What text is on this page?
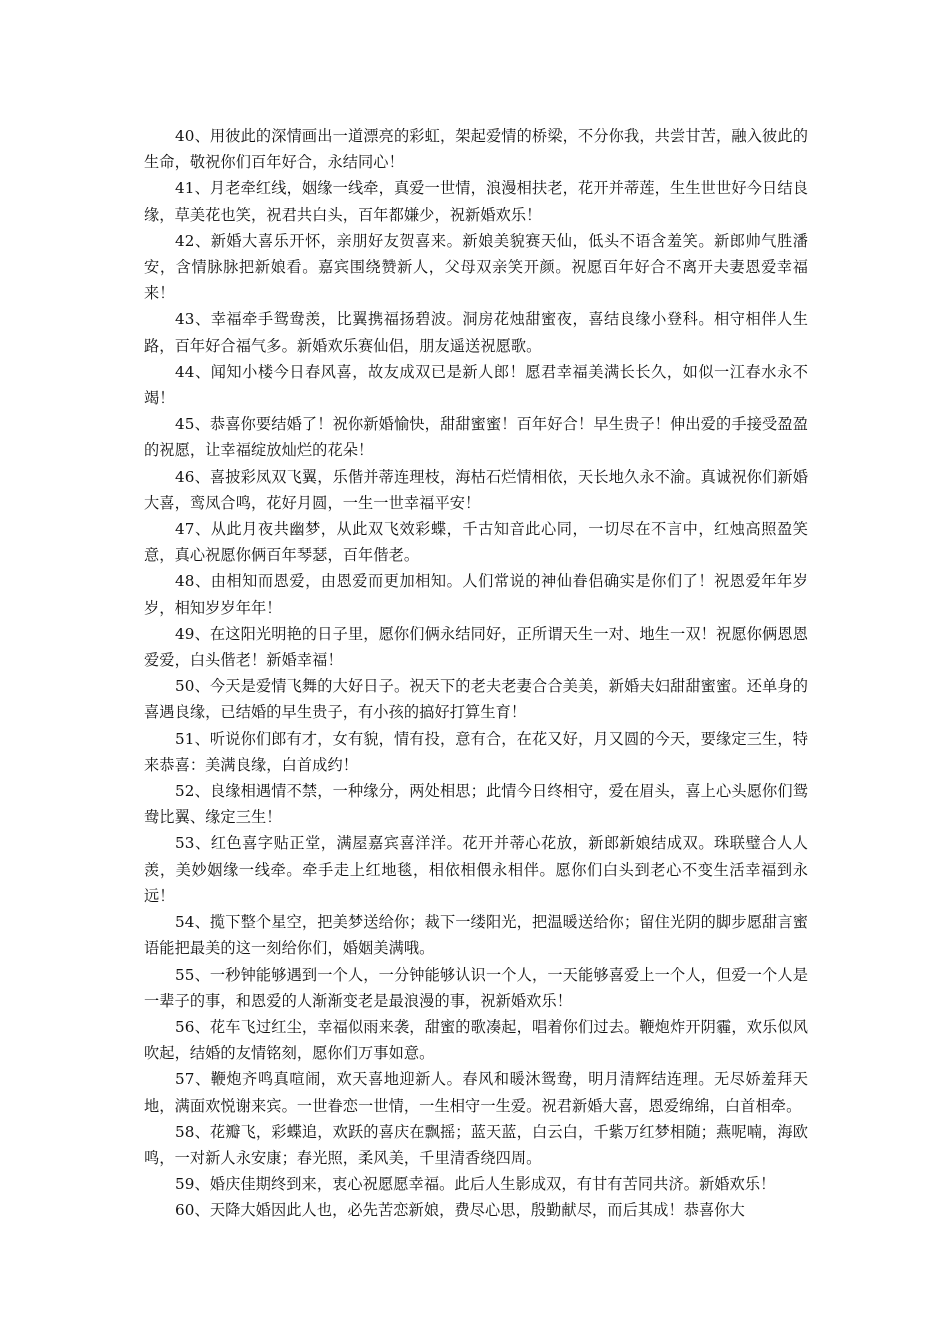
40、用彼此的深情画出一道漂亮的彩虹，架起爱情的桥梁，不分你我，共尝甘苦，融入彼此的生命，敬祝你们百年好合，永结同心！

41、月老牵红线，姻缘一线牵，真爱一世情，浪漫相扶老，花开并蒂莲，生生世世好今日结良缘，草美花也笑，祝君共白头，百年都嫌少，祝新婚欢乐！

42、新婚大喜乐开怀，亲朋好友贺喜来。新娘美貌赛天仙，低头不语含羞笑。新郎帅气胜潘安，含情脉脉把新娘看。嘉宾围绕赞新人，父母双亲笑开颜。祝愿百年好合不离开夫妻恩爱幸福来！

43、幸福牵手鸳鸯羡，比翼携福扬碧波。洞房花烛甜蜜夜，喜结良缘小登科。相守相伴人生路，百年好合福气多。新婚欢乐赛仙侣，朋友遥送祝愿歌。

44、闻知小楼今日春风喜，故友成双已是新人郎！愿君幸福美满长长久，如似一江春水永不竭！

45、恭喜你要结婚了！祝你新婚愉快，甜甜蜜蜜！百年好合！早生贵子！伸出爱的手接受盈盈的祝愿，让幸福绽放灿烂的花朵！

46、喜披彩凤双飞翼，乐偕并蒂连理枝，海枯石烂情相依，天长地久永不渝。真诚祝你们新婚大喜，鸾凤合鸣，花好月圆，一生一世幸福平安！

47、从此月夜共幽梦，从此双飞效彩蝶，千古知音此心同，一切尽在不言中，红烛高照盈笑意，真心祝愿你俩百年琴瑟，百年偕老。

48、由相知而恩爱，由恩爱而更加相知。人们常说的神仙眷侣确实是你们了！祝恩爱年年岁岁，相知岁岁年年！

49、在这阳光明艳的日子里，愿你们俩永结同好，正所谓天生一对、地生一双！祝愿你俩恩恩爱爱，白头偕老！新婚幸福！

50、今天是爱情飞舞的大好日子。祝天下的老夫老妻合合美美，新婚夫妇甜甜蜜蜜。还单身的喜遇良缘，已结婚的早生贵子，有小孩的搞好打算生育！

51、听说你们郎有才，女有貌，情有投，意有合，在花又好，月又圆的今天，要缘定三生，特来恭喜：美满良缘，白首成约！

52、良缘相遇情不禁，一种缘分，两处相思；此情今日终相守，爱在眉头，喜上心头愿你们鸳鸯比翼、缘定三生！

53、红色喜字贴正堂，满屋嘉宾喜洋洋。花开并蒂心花放，新郎新娘结成双。珠联璧合人人羡，美妙姻缘一线牵。牵手走上红地毯，相依相偎永相伴。愿你们白头到老心不变生活幸福到永远！

54、揽下整个星空，把美梦送给你；裁下一缕阳光，把温暖送给你；留住光阴的脚步愿甜言蜜语能把最美的这一刻给你们，婚姻美满哦。

55、一秒钟能够遇到一个人，一分钟能够认识一个人，一天能够喜爱上一个人，但爱一个人是一辈子的事，和恩爱的人渐渐变老是最浪漫的事，祝新婚欢乐！

56、花车飞过红尘，幸福似雨来袭，甜蜜的歌凑起，唱着你们过去。鞭炮炸开阴霾，欢乐似风吹起，结婚的友情铭刻，愿你们万事如意。

57、鞭炮齐鸣真喧闹，欢天喜地迎新人。春风和暖沐鸳鸯，明月清辉结连理。无尽娇羞拜天地，满面欢悦谢来宾。一世眷恋一世情，一生相守一生爱。祝君新婚大喜，恩爱绵绵，白首相牵。

58、花瓣飞，彩蝶追，欢跃的喜庆在飘摇；蓝天蓝，白云白，千紫万红梦相随；燕呢喃，海欧鸣，一对新人永安康；春光照，柔风美，千里清香绕四周。

59、婚庆佳期终到来，衷心祝愿愿幸福。此后人生影成双，有甘有苦同共济。新婚欢乐！

60、天降大婚因此人也，必先苦恋新娘，费尽心思，殷勤献尽，而后其成！恭喜你大
